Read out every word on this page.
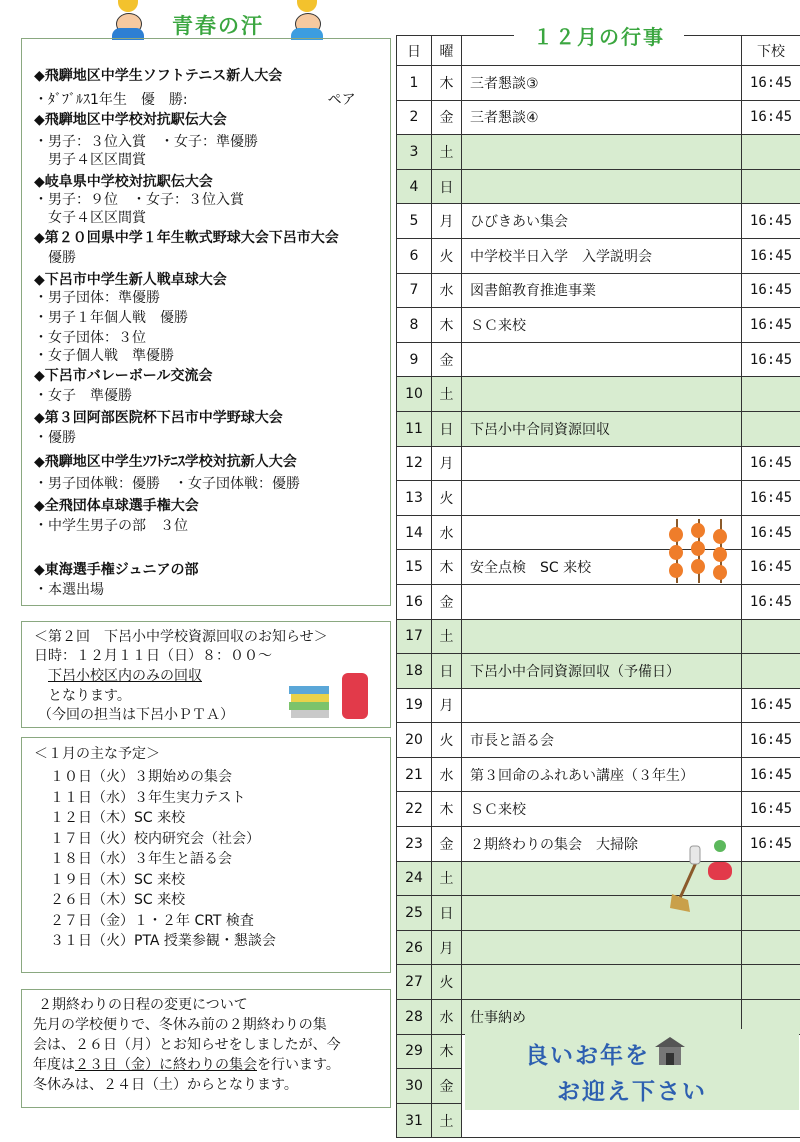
青春の汗
◆飛騨地区中学生ソフトテニス新人大会
・ﾀﾞﾌﾞﾙｽ1年生　優　勝:　　　　　　　　　　ペア
◆飛騨地区中学校対抗駅伝大会
・男子：３位入賞　・女子：準優勝
　男子４区区間賞
◆岐阜県中学校対抗駅伝大会
・男子：９位　・女子：３位入賞
　女子４区区間賞
◆第２０回県中学１年生軟式野球大会下呂市大会
　優勝
◆下呂市中学生新人戦卓球大会
・男子団体：準優勝
・男子１年個人戦　優勝
・女子団体：３位
・女子個人戦　準優勝
◆下呂市バレーボール交流会
・女子　準優勝
◆第３回阿部医院杯下呂市中学野球大会
・優勝
◆飛騨地区中学生ｿﾌﾄﾃﾆｽ学校対抗新人大会
・男子団体戦：優勝　・女子団体戦：優勝
◆全飛団体卓球選手権大会
・中学生男子の部　３位
◆東海選手権ジュニアの部
・本選出場
＜第２回　下呂小中学校資源回収のお知らせ＞
日時：１２月１１日（日）８：００～
下呂小校区内のみの回収
となります。
（今回の担当は下呂小ＰＴＡ）
＜１月の主な予定＞
１０日（火）３期始めの集会
１１日（水）３年生実力テスト
１２日（木）SC 来校
１７日（火）校内研究会（社会）
１８日（水）３年生と語る会
１９日（木）SC 来校
２６日（木）SC 来校
２７日（金）１・２年 CRT 検査
３１日（火）PTA 授業参観・懇談会
２期終わりの日程の変更について
先月の学校便りで、冬休み前の２期終わりの集
会は、２６日（月）とお知らせをしましたが、今
年度は２３日（金）に終わりの集会を行います。
冬休みは、２４日（土）からとなります。
日	曜		下校
1	木	三者懇談③	16:45
2	金	三者懇談④	16:45
3	土		
4	日		
5	月	ひびきあい集会	16:45
6	火	中学校半日入学　入学説明会	16:45
7	水	図書館教育推進事業	16:45
8	木	ＳＣ来校	16:45
9	金		16:45
10	土		
11	日	下呂小中合同資源回収	
12	月		16:45
13	火		16:45
14	水		16:45
15	木	安全点検　SC 来校	16:45
16	金		16:45
17	土		
18	日	下呂小中合同資源回収（予備日）	
19	月		16:45
20	火	市長と語る会	16:45
21	水	第３回命のふれあい講座（３年生）	16:45
22	木	ＳＣ来校	16:45
23	金	２期終わりの集会　大掃除	16:45
24	土		
25	日		
26	月		
27	火		
28	水	仕事納め	
29	木		
30	金		
31	土		
１２月の行事
良いお年を
お迎え下さい
